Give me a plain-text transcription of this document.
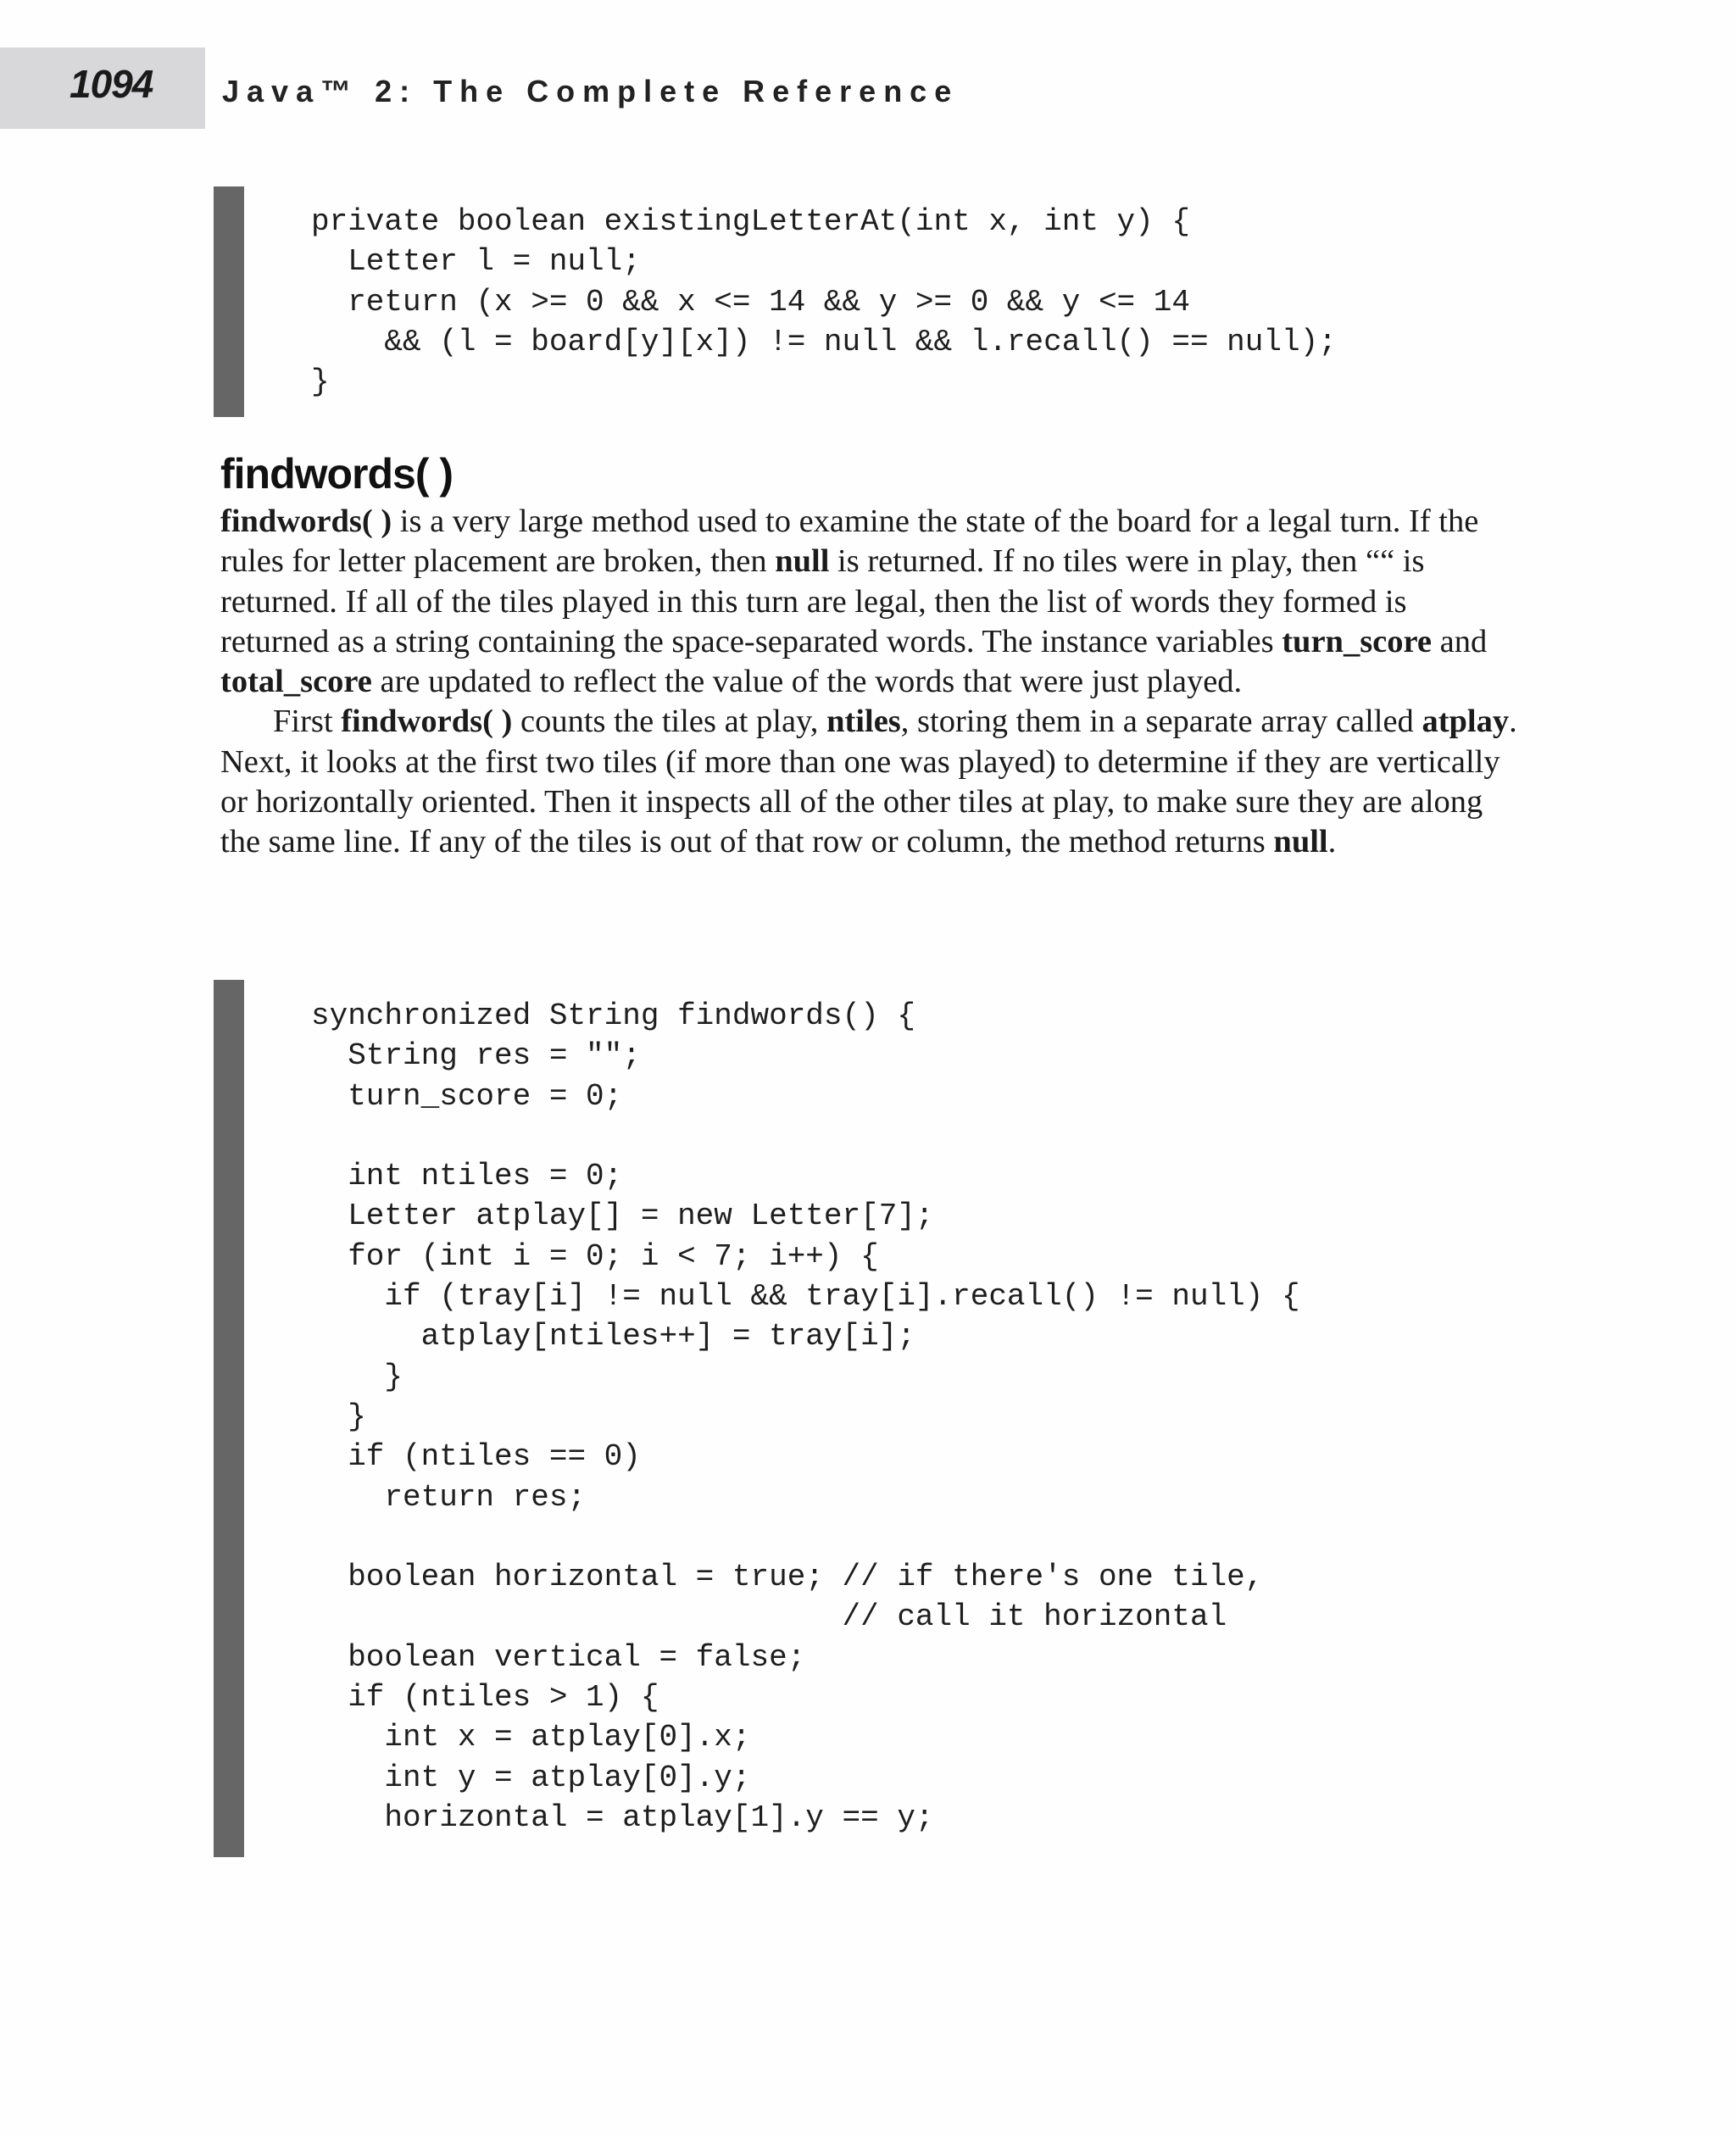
1094 Java™ 2: The Complete Reference
private boolean existingLetterAt(int x, int y) {
Letter l = null;
return (x >= 0 && x <= 14 && y >= 0 && y <= 14
&& (l = board[y][x]) != null && l.recall() == null);
}
findwords( )

findwords( ) is a very large method used to examine the state of the board for a legal turn. If the rules for letter placement are broken, then null is returned. If no tiles were in play, then ““ is returned. If all of the tiles played in this turn are legal, then the list of words they formed is returned as a string containing the space-separated words. The instance variables turn_score and total_score are updated to reflect the value of the words that were just played.

First findwords( ) counts the tiles at play, ntiles, storing them in a separate array called atplay. Next, it looks at the first two tiles (if more than one was played) to determine if they are vertically or horizontally oriented. Then it inspects all of the other tiles at play, to make sure they are along the same line. If any of the tiles is out of that row or column, the method returns null.

synchronized String findwords() {
String res = "";
turn_score = 0;

int ntiles = 0;
Letter atplay[] = new Letter[7];
for (int i = 0; i < 7; i++) {
if (tray[i] != null && tray[i].recall() != null) {
atplay[ntiles++] = tray[i];
}
}
if (ntiles == 0)
return res;

boolean horizontal = true; // if there's one tile,
// call it horizontal
boolean vertical = false;
if (ntiles > 1) {
int x = atplay[0].x;
int y = atplay[0].y;
horizontal = atplay[1].y == y;
